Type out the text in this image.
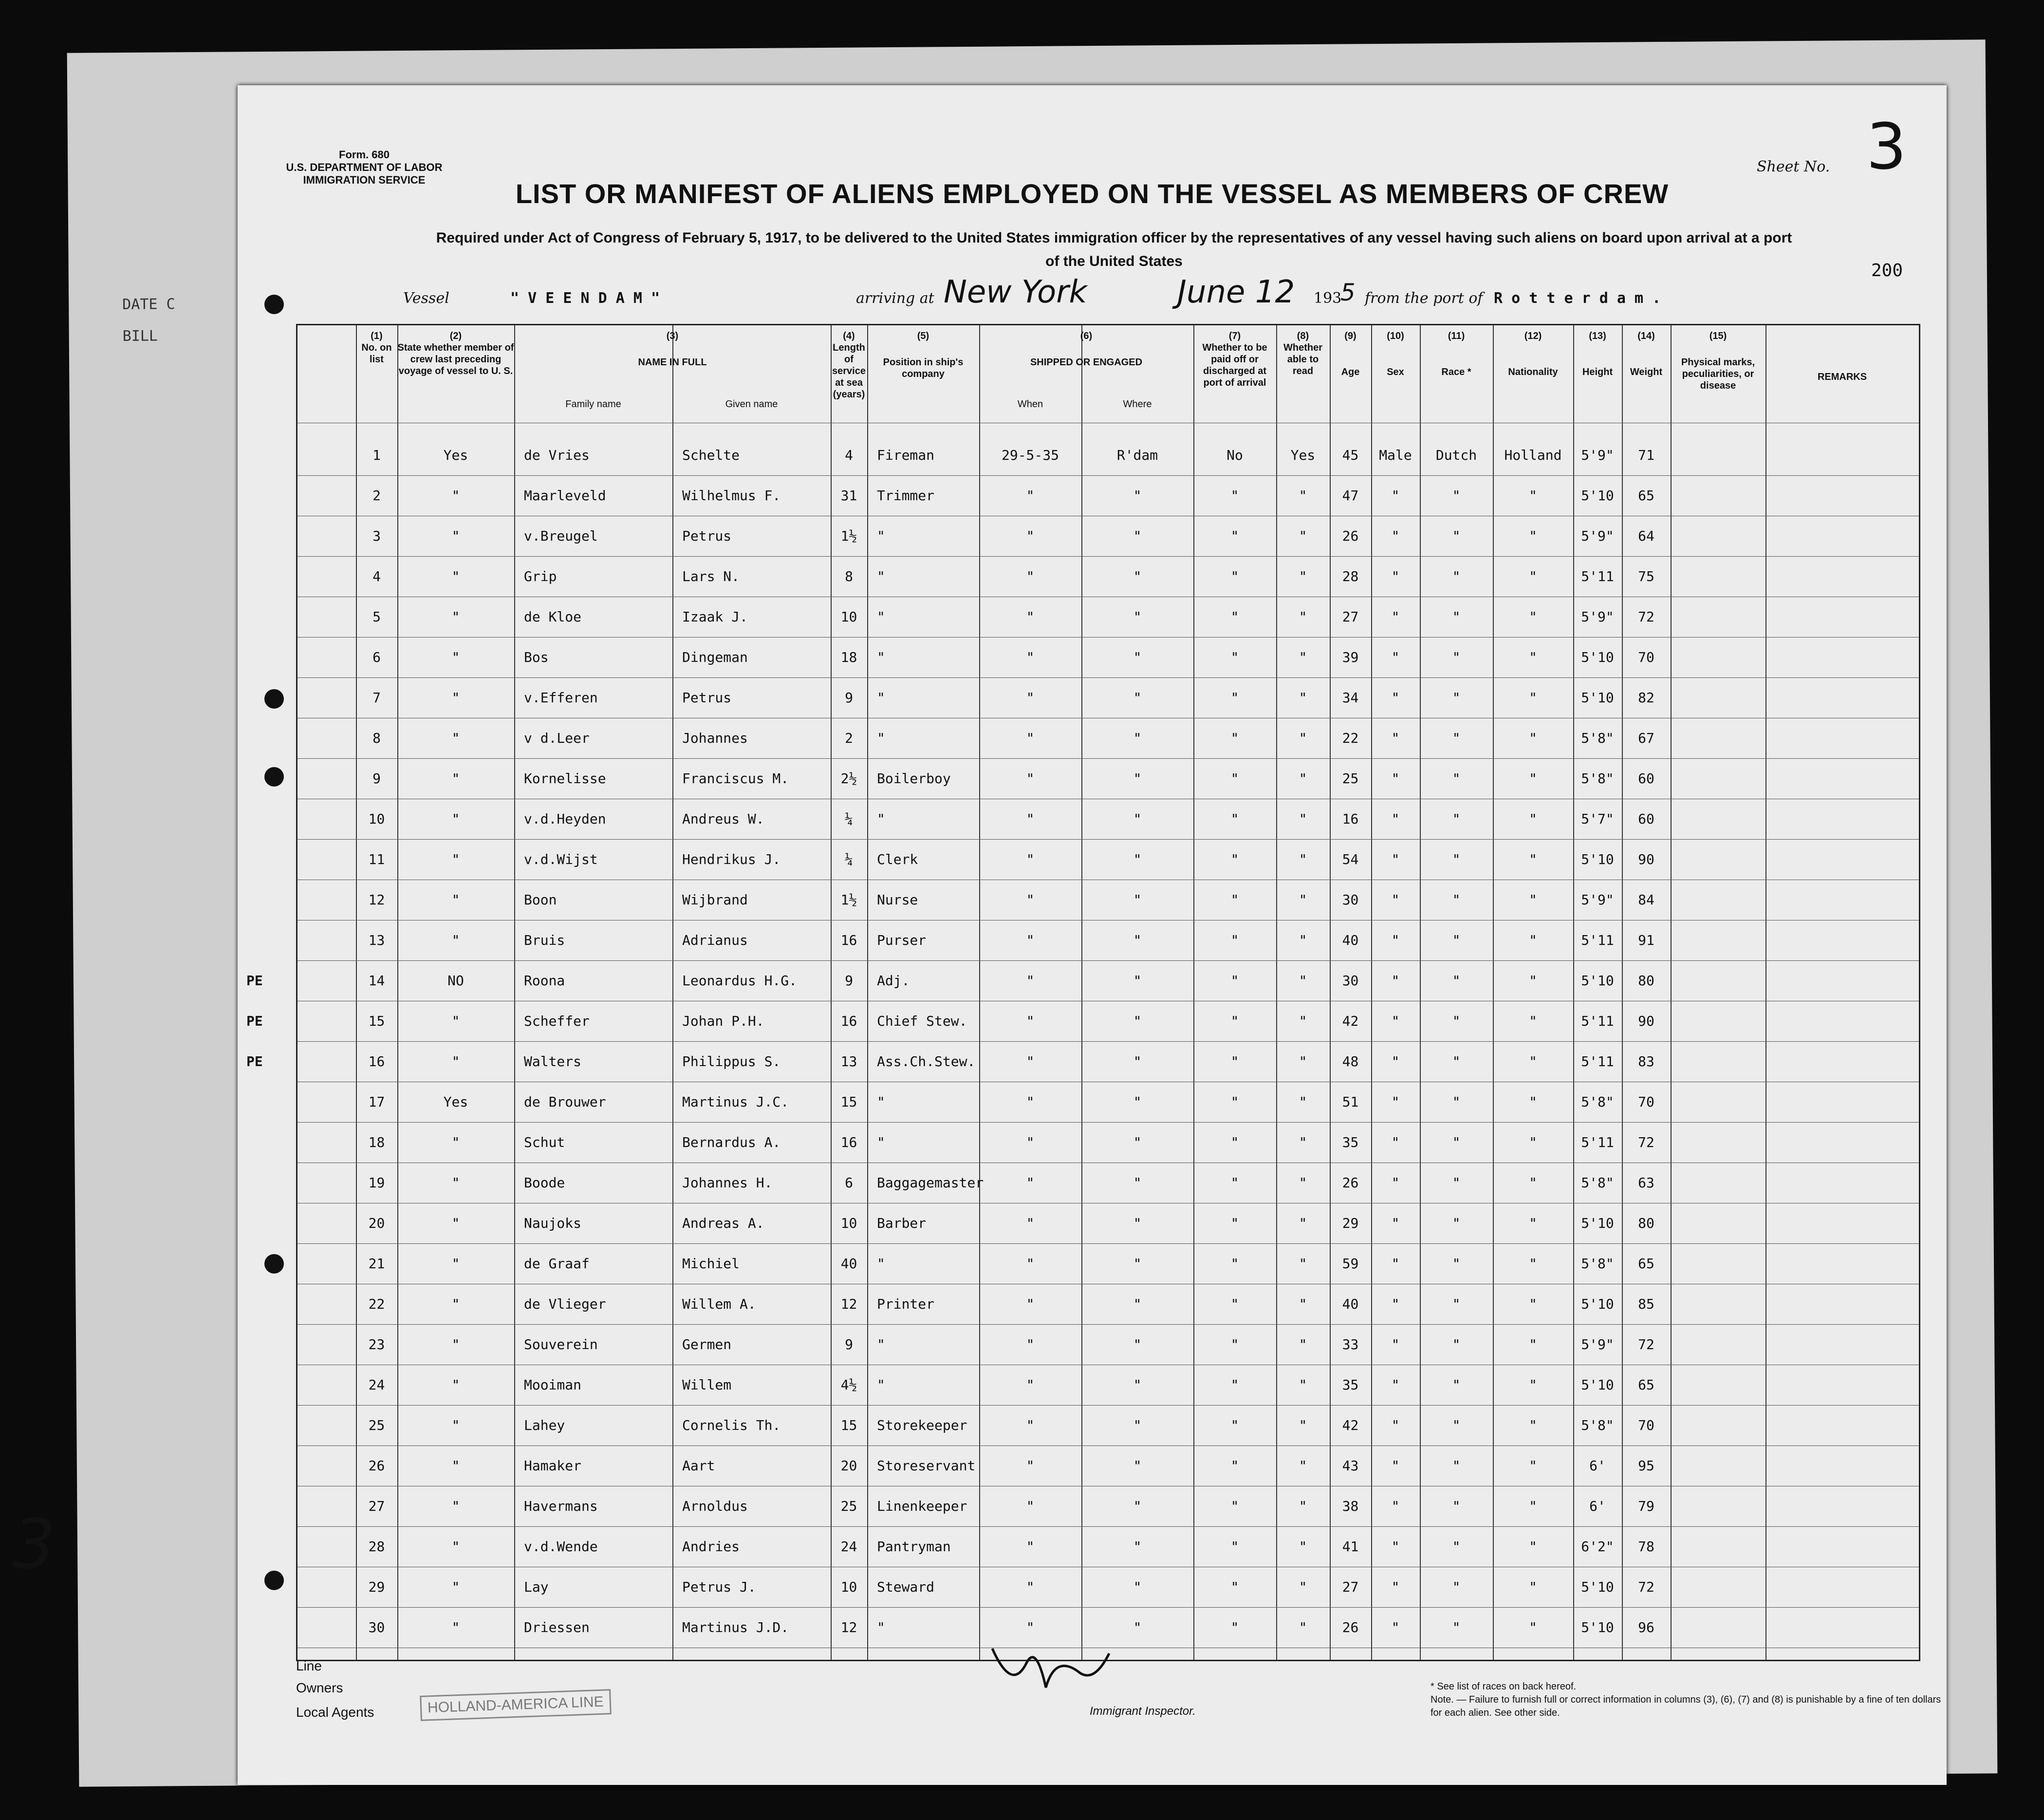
DATE C
BILL
Form. 680
U.S. DEPARTMENT OF LABOR
IMMIGRATION SERVICE
Sheet No. 3
200
LIST OR MANIFEST OF ALIENS EMPLOYED ON THE VESSEL AS MEMBERS OF CREW
Required under Act of Congress of February 5, 1917, to be delivered to the United States immigration officer by the representatives of any vessel having such aliens on board upon arrival at a port
of the United States
Vessel	" V E E N D A M "	arriving at New York	June 12 193
5 from the port of R o t t e r d a m .
(1)
No. on list
(2)
State whether member of crew last preceding voyage of vessel to U. S.
(3)
NAME IN FULL
Family name	Given name
(4)
Length of service at sea (years)
(5)
Position in ship's company
(6)
SHIPPED OR ENGAGED
When	Where
(7)
Whether to be paid off or discharged at port of arrival
(8)
Whether able to read
(9)
Age
(10)
Sex
(11)
Race *
(12)
Nationality
(13)
Height
(14)
Weight
(15)
Physical marks, peculiarities, or disease
REMARKS
1	Yes	de Vries	Schelte	4	Fireman	29-5-35	R'dam	No	Yes	45	Male	Dutch	Holland	5'9"	71
2	"	Maarleveld	Wilhelmus F.	31	Trimmer	"	"	"	"	47	"	"	"	5'10	65
3	"	v.Breugel	Petrus	1½	"	"	"	"	"	26	"	"	"	5'9"	64
4	"	Grip	Lars N.	8	"	"	"	"	"	28	"	"	"	5'11	75
5	"	de Kloe	Izaak J.	10	"	"	"	"	"	27	"	"	"	5'9"	72
6	"	Bos	Dingeman	18	"	"	"	"	"	39	"	"	"	5'10	70
7	"	v.Efferen	Petrus	9	"	"	"	"	"	34	"	"	"	5'10	82
8	"	v d.Leer	Johannes	2	"	"	"	"	"	22	"	"	"	5'8"	67
9	"	Kornelisse	Franciscus M.	2½	Boilerboy	"	"	"	"	25	"	"	"	5'8"	60
10	"	v.d.Heyden	Andreus W.	¼	"	"	"	"	"	16	"	"	"	5'7"	60
11	"	v.d.Wijst	Hendrikus J.	¼	Clerk	"	"	"	"	54	"	"	"	5'10	90
12	"	Boon	Wijbrand	1½	Nurse	"	"	"	"	30	"	"	"	5'9"	84
13	"	Bruis	Adrianus	16	Purser	"	"	"	"	40	"	"	"	5'11	91
14	NO	Roona	Leonardus H.G.	9	Adj.	"	"	"	"	30	"	"	"	5'10	80
PE
15	"	Scheffer	Johan P.H.	16	Chief Stew.	"	"	"	"	42	"	"	"	5'11	90
PE
16	"	Walters	Philippus S.	13	Ass.Ch.Stew.	"	"	"	"	48	"	"	"	5'11	83
PE
17	Yes	de Brouwer	Martinus J.C.	15	"	"	"	"	"	51	"	"	"	5'8"	70
18	"	Schut	Bernardus A.	16	"	"	"	"	"	35	"	"	"	5'11	72
19	"	Boode	Johannes H.	6	Baggagemaster	"	"	"	"	26	"	"	"	5'8"	63
20	"	Naujoks	Andreas A.	10	Barber	"	"	"	"	29	"	"	"	5'10	80
21	"	de Graaf	Michiel	40	"	"	"	"	"	59	"	"	"	5'8"	65
22	"	de Vlieger	Willem A.	12	Printer	"	"	"	"	40	"	"	"	5'10	85
23	"	Souverein	Germen	9	"	"	"	"	"	33	"	"	"	5'9"	72
24	"	Mooiman	Willem	4½	"	"	"	"	"	35	"	"	"	5'10	65
25	"	Lahey	Cornelis Th.	15	Storekeeper	"	"	"	"	42	"	"	"	5'8"	70
26	"	Hamaker	Aart	20	Storeservant	"	"	"	"	43	"	"	"	6'	95
27	"	Havermans	Arnoldus	25	Linenkeeper	"	"	"	"	38	"	"	"	6'	79
28	"	v.d.Wende	Andries	24	Pantryman	"	"	"	"	41	"	"	"	6'2"	78
29	"	Lay	Petrus J.	10	Steward	"	"	"	"	27	"	"	"	5'10	72
30	"	Driessen	Martinus J.D.	12	"	"	"	"	"	26	"	"	"	5'10	96
Line
Owners
Local Agents	HOLLAND-AMERICA LINE	Immigrant Inspector.
* See list of races on back hereof.
Note. — Failure to furnish full or correct information in columns (3), (6), (7) and (8) is punishable by a fine of ten dollars for each alien. See other side.
3
